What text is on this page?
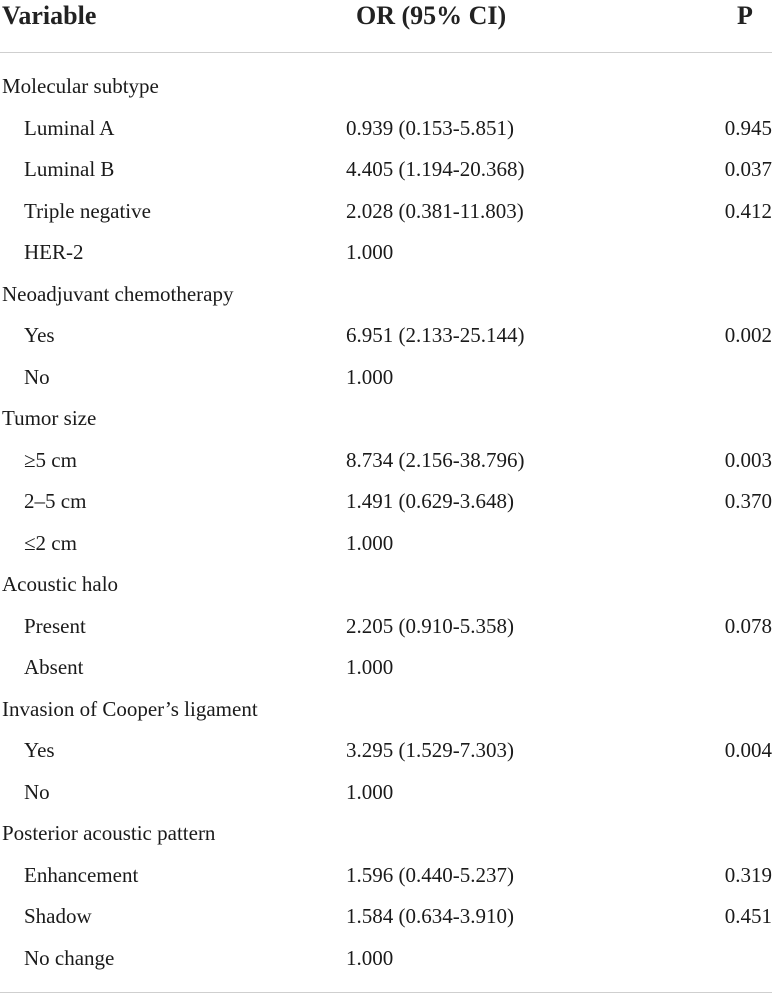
Variable	OR (95% CI)	P
Molecular subtype
Luminal A	0.939 (0.153-5.851)	0.945
Luminal B	4.405 (1.194-20.368)	0.037
Triple negative	2.028 (0.381-11.803)	0.412
HER-2	1.000
Neoadjuvant chemotherapy
Yes	6.951 (2.133-25.144)	0.002
No	1.000
Tumor size
≥5 cm	8.734 (2.156-38.796)	0.003
2–5 cm	1.491 (0.629-3.648)	0.370
≤2 cm	1.000
Acoustic halo
Present	2.205 (0.910-5.358)	0.078
Absent	1.000
Invasion of Cooper’s ligament
Yes	3.295 (1.529-7.303)	0.004
No	1.000
Posterior acoustic pattern
Enhancement	1.596 (0.440-5.237)	0.319
Shadow	1.584 (0.634-3.910)	0.451
No change	1.000
